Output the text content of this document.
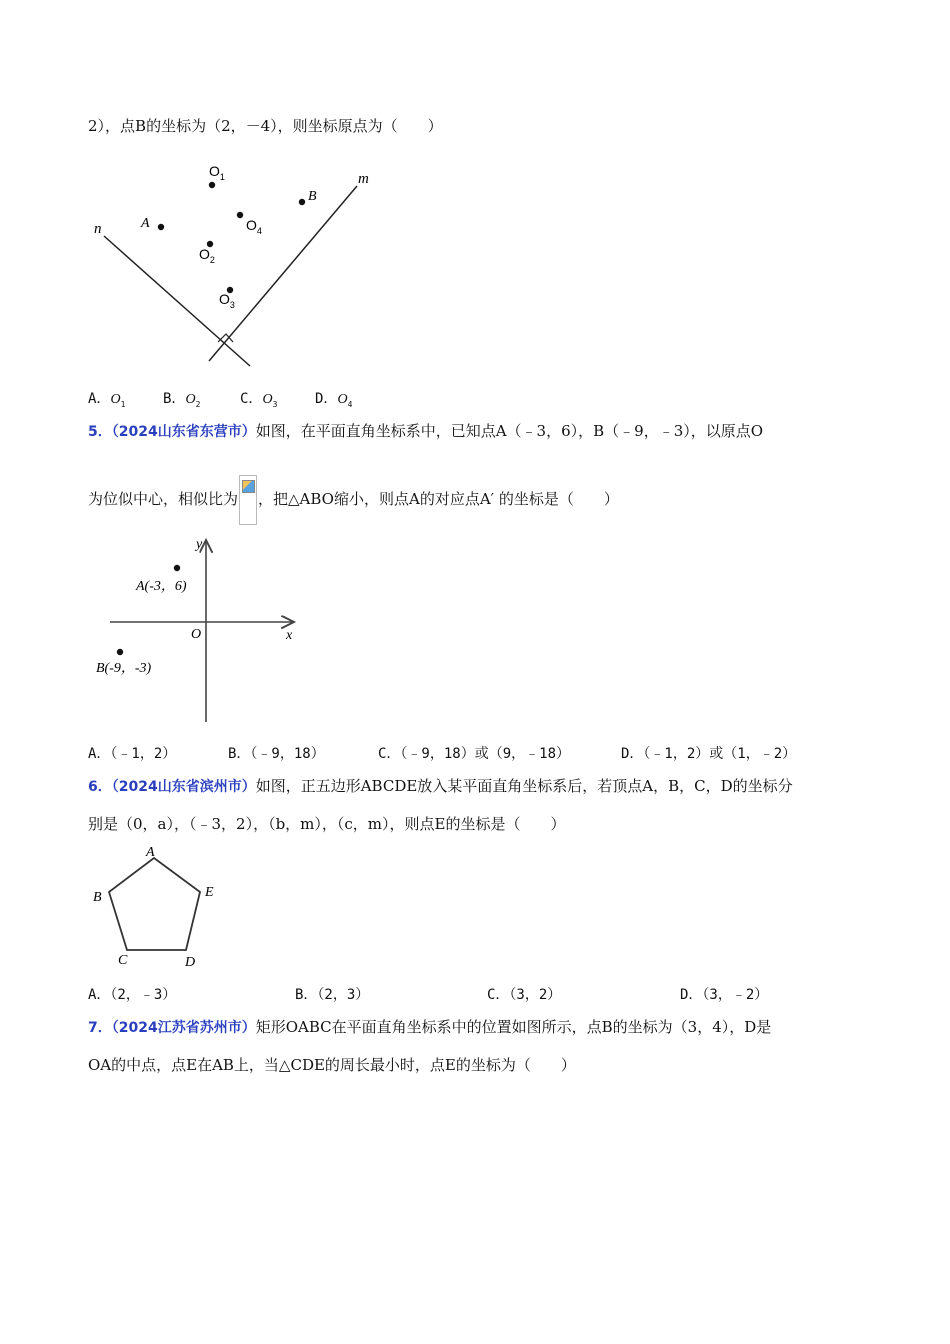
2），点B的坐标为（2，－4），则坐标原点为（　　）
n
m
A
B
$O_1$
$O_4$
$O_2$
$O_3$
A．$O_1$	B．$O_2$	C．$O_3$	D．$O_4$
5．（2024山东省东营市）如图，在平面直角坐标系中，已知点A（﹣3，6），B（﹣9，﹣3），以原点O
为位似中心，相似比为 ，把△ABO缩小，则点A的对应点A′ 的坐标是（　　）
y
x
O
A(-3，6)
B(-9，-3)
A．（﹣1，2）	B．（﹣9，18）	C．（﹣9，18）或（9，﹣18）	D．（﹣1，2）或（1，﹣2）
6．（2024山东省滨州市）如图，正五边形ABCDE放入某平面直角坐标系后，若顶点A，B，C，D的坐标分
别是（0，a），（﹣3，2），（b，m），（c，m），则点E的坐标是（　　）
A
B
C	D
E
A．（2，﹣3）	B．（2，3）	C．（3，2）	D．（3，﹣2）
7．（2024江苏省苏州市）矩形OABC在平面直角坐标系中的位置如图所示，点B的坐标为（3，4），D是
OA的中点，点E在AB上，当△CDE的周长最小时，点E的坐标为（　　）
